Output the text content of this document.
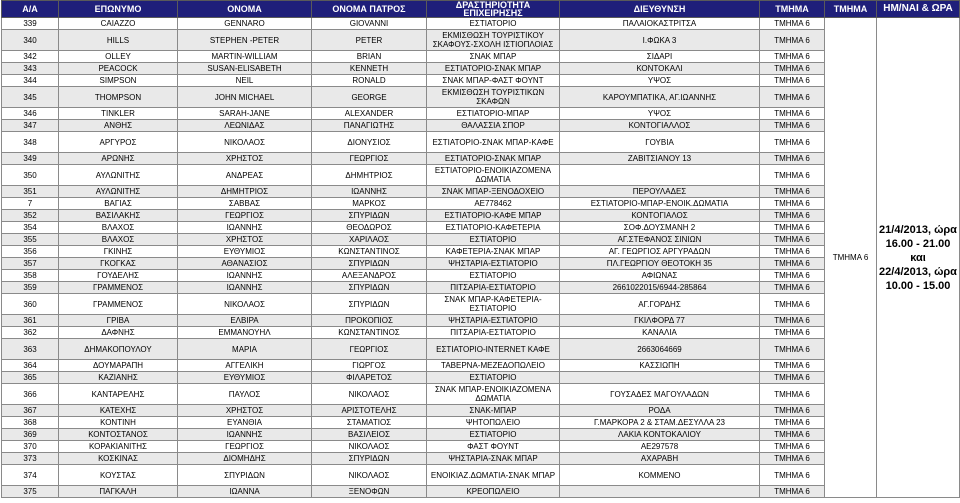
Α/Α	ΕΠΩΝΥΜΟ	ΟΝΟΜΑ	ΟΝΟΜΑ ΠΑΤΡΟΣ	ΔΡΑΣΤΗΡΙΟΤΗΤΑ ΕΠΙΧΕΙΡΗΣΗΣ	ΔΙΕΥΘΥΝΣΗ	ΤΜΗΜΑ	ΤΜΗΜΑ	ΗΜ/ΝΑΙ & ΩΡΑ
339	CAIAZZO	GENNARO	GIOVANNI	ΕΣΤΙΑΤΟΡΙΟ	ΠΑΛΑΙΟΚΑΣΤΡΙΤΣΑ	ΤΜΗΜΑ 6	ΤΜΗΜΑ 6	21/4/2013, ώρα
16.00 - 21.00
και
22/4/2013, ώρα
10.00 - 15.00

340	HILLS	STEPHEN -PETER	PETER	ΕΚΜΙΣΘΩΣΗ ΤΟΥΡΙΣΤΙΚΟΥ ΣΚΑΦΟΥΣ-ΣΧΟΛΗ ΙΣΤΙΟΠΛΟΙΑΣ	Ι.ΦΩΚΑ 3	ΤΜΗΜΑ 6		
342	OLLEY	MARTIN-WILLIAM	BRIAN	ΣΝΑΚ ΜΠΑΡ	ΣΙΔΑΡΙ	ΤΜΗΜΑ 6		
343	PEACOCK	SUSAN-ELISABETH	KENNETH	ΕΣΤΙΑΤΟΡΙΟ-ΣΝΑΚ ΜΠΑΡ	ΚΟΝΤΟΚΑΛΙ	ΤΜΗΜΑ 6		
344	SIMPSON	NEIL	RONALD	ΣΝΑΚ ΜΠΑΡ-ΦΑΣΤ ΦΟΥΝΤ	ΥΨΟΣ	ΤΜΗΜΑ 6		
345	THOMPSON	JOHN MICHAEL	GEORGE	ΕΚΜΙΣΘΩΣΗ ΤΟΥΡΙΣΤΙΚΩΝ ΣΚΑΦΩΝ	ΚΑΡΟΥΜΠΑΤΙΚΑ, ΑΓ.ΙΩΑΝΝΗΣ	ΤΜΗΜΑ 6		
346	TINKLER	SARAH-JANE	ALEXANDER	ΕΣΤΙΑΤΟΡΙΟ-ΜΠΑΡ	ΥΨΟΣ	ΤΜΗΜΑ 6		
347	ΑΝΘΗΣ	ΛΕΩΝΙΔΑΣ	ΠΑΝΑΓΙΩΤΗΣ	ΘΑΛΑΣΣΙΑ ΣΠΟΡ	ΚΟΝΤΟΓΙΑΛΛΟΣ	ΤΜΗΜΑ 6		
348	ΑΡΓΥΡΟΣ	ΝΙΚΟΛΑΟΣ	ΔΙΟΝΥΣΙΟΣ	ΕΣΤΙΑΤΟΡΙΟ-ΣΝΑΚ ΜΠΑΡ-ΚΑΦΕ	ΓΟΥΒΙΑ	ΤΜΗΜΑ 6		
349	ΑΡΩΝΗΣ	ΧΡΗΣΤΟΣ	ΓΕΩΡΓΙΟΣ	ΕΣΤΙΑΤΟΡΙΟ-ΣΝΑΚ ΜΠΑΡ	ΖΑΒΙΤΣΙΑΝΟΥ 13	ΤΜΗΜΑ 6		
350	ΑΥΛΩΝΙΤΗΣ	ΑΝΔΡΕΑΣ	ΔΗΜΗΤΡΙΟΣ	ΕΣΤΙΑΤΟΡΙΟ-ΕΝΟΙΚΙΑΖΟΜΕΝΑ ΔΩΜΑΤΙΑ		ΤΜΗΜΑ 6		
351	ΑΥΛΩΝΙΤΗΣ	ΔΗΜΗΤΡΙΟΣ	ΙΩΑΝΝΗΣ	ΣΝΑΚ ΜΠΑΡ-ΞΕΝΟΔΟΧΕΙΟ	ΠΕΡΟΥΛΑΔΕΣ	ΤΜΗΜΑ 6		
7	ΒΑΓΙΑΣ	ΣΑΒΒΑΣ	ΜΑΡΚΟΣ	ΑΕ778462	ΕΣΤΙΑΤΟΡΙΟ-ΜΠΑΡ-ΕΝΟΙΚ.ΔΩΜΑΤΙΑ	ΤΜΗΜΑ 6		
352	ΒΑΣΙΛΑΚΗΣ	ΓΕΩΡΓΙΟΣ	ΣΠΥΡΙΔΩΝ	ΕΣΤΙΑΤΟΡΙΟ-ΚΑΦΕ ΜΠΑΡ	ΚΟΝΤΟΓΙΑΛΟΣ	ΤΜΗΜΑ 6		
354	ΒΛΑΧΟΣ	ΙΩΑΝΝΗΣ	ΘΕΟΔΩΡΟΣ	ΕΣΤΙΑΤΟΡΙΟ-ΚΑΦΕΤΕΡΙΑ	ΣΟΦ.ΔΟΥΣΜΑΝΗ 2	ΤΜΗΜΑ 6		
355	ΒΛΑΧΟΣ	ΧΡΗΣΤΟΣ	ΧΑΡΙΛΑΟΣ	ΕΣΤΙΑΤΟΡΙΟ	ΑΓ.ΣΤΕΦΑΝΟΣ ΣΙΝΙΩΝ	ΤΜΗΜΑ 6		
356	ΓΚΙΝΗΣ	ΕΥΘΥΜΙΟΣ	ΚΩΝΣΤΑΝΤΙΝΟΣ	ΚΑΦΕΤΕΡΙΑ-ΣΝΑΚ ΜΠΑΡ	ΑΓ. ΓΕΩΡΓΙΟΣ ΑΡΓΥΡΑΔΩΝ	ΤΜΗΜΑ 6		
357	ΓΚΟΓΚΑΣ	ΑΘΑΝΑΣΙΟΣ	ΣΠΥΡΙΔΩΝ	ΨΗΣΤΑΡΙΑ-ΕΣΤΙΑΤΟΡΙΟ	ΠΛ.ΓΕΩΡΓΙΟΥ ΘΕΟΤΟΚΗ 35	ΤΜΗΜΑ 6		
358	ΓΟΥΔΕΛΗΣ	ΙΩΑΝΝΗΣ	ΑΛΕΞΑΝΔΡΟΣ	ΕΣΤΙΑΤΟΡΙΟ	ΑΦΙΩΝΑΣ	ΤΜΗΜΑ 6		
359	ΓΡΑΜΜΕΝΟΣ	ΙΩΑΝΝΗΣ	ΣΠΥΡΙΔΩΝ	ΠΙΤΣΑΡΙΑ-ΕΣΤΙΑΤΟΡΙΟ	2661022015/6944-285864	ΤΜΗΜΑ 6		
360	ΓΡΑΜΜΕΝΟΣ	ΝΙΚΟΛΑΟΣ	ΣΠΥΡΙΔΩΝ	ΣΝΑΚ ΜΠΑΡ-ΚΑΦΕΤΕΡΙΑ-ΕΣΤΙΑΤΟΡΙΟ	ΑΓ.ΓΟΡΔΗΣ	ΤΜΗΜΑ 6		
361	ΓΡΙΒΑ	ΕΛΒΙΡΑ	ΠΡΟΚΟΠΙΟΣ	ΨΗΣΤΑΡΙΑ-ΕΣΤΙΑΤΟΡΙΟ	ΓΚΙΛΦΟΡΔ 77	ΤΜΗΜΑ 6		
362	ΔΑΦΝΗΣ	ΕΜΜΑΝΟΥΗΛ	ΚΩΝΣΤΑΝΤΙΝΟΣ	ΠΙΤΣΑΡΙΑ-ΕΣΤΙΑΤΟΡΙΟ	ΚΑΝΑΛΙΑ	ΤΜΗΜΑ 6		
363	ΔΗΜΑΚΟΠΟΥΛΟΥ	ΜΑΡΙΑ	ΓΕΩΡΓΙΟΣ	ΕΣΤΙΑΤΟΡΙΟ-INTERNET ΚΑΦΕ	2663064669	ΤΜΗΜΑ 6		
364	ΔΟΥΜΑΡΑΠΗ	ΑΓΓΕΛΙΚΗ	ΓΙΩΡΓΟΣ	ΤΑΒΕΡΝΑ-ΜΕΖΕΔΟΠΩΛΕΙΟ	ΚΑΣΣΙΩΠΗ	ΤΜΗΜΑ 6		
365	ΚΑΖΙΑΝΗΣ	ΕΥΘΥΜΙΟΣ	ΦΙΛΑΡΕΤΟΣ	ΕΣΤΙΑΤΟΡΙΟ		ΤΜΗΜΑ 6		
366	ΚΑΝΤΑΡΕΛΗΣ	ΠΑΥΛΟΣ	ΝΙΚΟΛΑΟΣ	ΣΝΑΚ ΜΠΑΡ-ΕΝΟΙΚΙΑΖΟΜΕΝΑ ΔΩΜΑΤΙΑ	ΓΟΥΣΑΔΕΣ ΜΑΓΟΥΛΑΔΩΝ	ΤΜΗΜΑ 6		
367	ΚΑΤΕΧΗΣ	ΧΡΗΣΤΟΣ	ΑΡΙΣΤΟΤΕΛΗΣ	ΣΝΑΚ-ΜΠΑΡ	ΡΟΔΑ	ΤΜΗΜΑ 6		
368	ΚΟΝΤΙΝΗ	ΕΥΑΝΘΙΑ	ΣΤΑΜΑΤΙΟΣ	ΨΗΤΟΠΩΛΕΙΟ	Γ.ΜΑΡΚΟΡΑ 2 & ΣΤΑΜ.ΔΕΣΥΛΛΑ 23	ΤΜΗΜΑ 6		
369	ΚΟΝΤΟΣΤΑΝΟΣ	ΙΩΑΝΝΗΣ	ΒΑΣΙΛΕΙΟΣ	ΕΣΤΙΑΤΟΡΙΟ	ΛΑΚΙΑ ΚΟΝΤΟΚΑΛΙΟΥ	ΤΜΗΜΑ 6		
370	ΚΟΡΑΚΙΑΝΙΤΗΣ	ΓΕΩΡΓΙΟΣ	ΝΙΚΟΛΑΟΣ	ΦΑΣΤ ΦΟΥΝΤ	ΑΕ297578	ΤΜΗΜΑ 6		
373	ΚΟΣΚΙΝΑΣ	ΔΙΟΜΗΔΗΣ	ΣΠΥΡΙΔΩΝ	ΨΗΣΤΑΡΙΑ-ΣΝΑΚ ΜΠΑΡ	ΑΧΑΡΑΒΗ	ΤΜΗΜΑ 6		
374	ΚΟΥΣΤΑΣ	ΣΠΥΡΙΔΩΝ	ΝΙΚΟΛΑΟΣ	ΕΝΟΙΚΙΑΖ.ΔΩΜΑΤΙΑ-ΣΝΑΚ ΜΠΑΡ	ΚΟΜΜΕΝΟ	ΤΜΗΜΑ 6		
375	ΠΑΓΚΑΛΗ	ΙΩΑΝΝΑ	ΞΕΝΟΦΩΝ	ΚΡΕΟΠΩΛΕΙΟ		ΤΜΗΜΑ 6		
